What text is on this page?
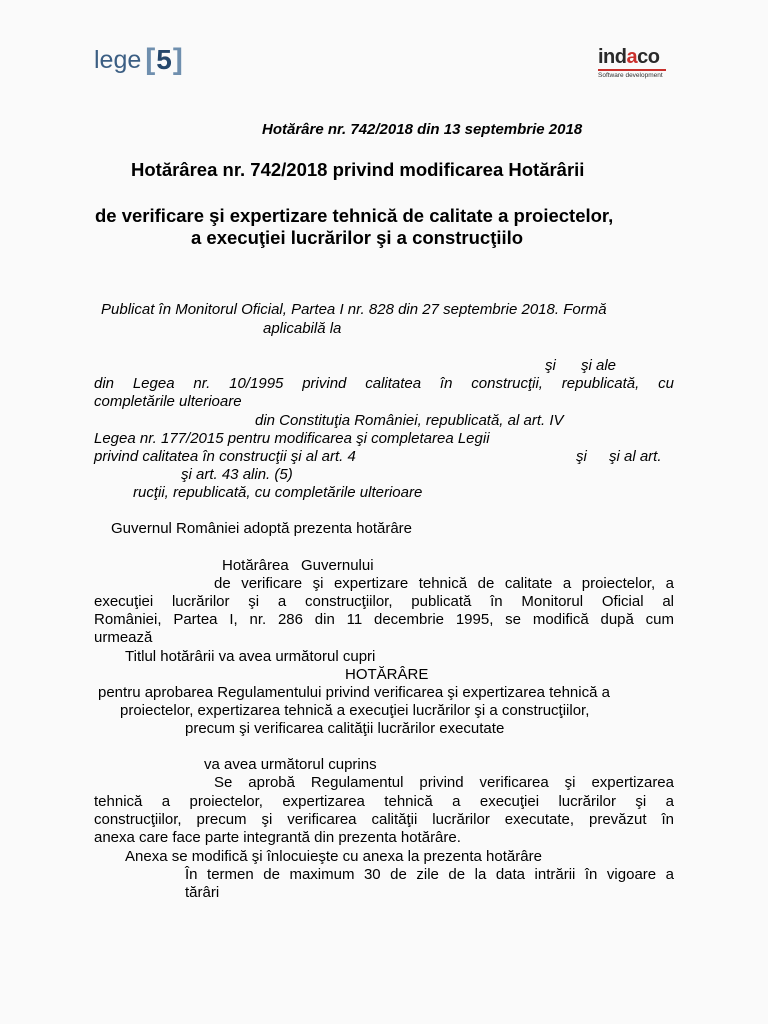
lege [ 5 ]	indaco
Software development
Hotărâre nr. 742/2018 din 13 septembrie 2018
Hotărârea nr. 742/2018 privind modificarea Hotărârii
de verificare şi expertizare tehnică de calitate a proiectelor,
a execuţiei lucrărilor şi a construcţiilo
Publicat în Monitorul Oficial, Partea I nr. 828 din 27 septembrie 2018. Formă
aplicabilă la
şi şi ale
din Legea nr. 10/1995 privind calitatea în construcţii, republicată, cu
completările ulterioare
din Constituţia României, republicată, al art. IV
Legea nr. 177/2015 pentru modificarea şi completarea Legii
privind calitatea în construcţii şi al art. 4	şi şi al art.
şi art. 43 alin. (5)
rucţii, republicată, cu completările ulterioare
Guvernul României adoptă prezenta hotărâre
Hotărârea Guvernului
de verificare şi expertizare tehnică de calitate a proiectelor, a
execuţiei lucrărilor şi a construcţiilor, publicată în Monitorul Oficial al
României, Partea I, nr. 286 din 11 decembrie 1995, se modifică după cum
urmează
Titlul hotărârii va avea următorul cupri
HOTĂRÂRE
pentru aprobarea Regulamentului privind verificarea şi expertizarea tehnică a
proiectelor, expertizarea tehnică a execuţiei lucrărilor şi a construcţiilor,
precum şi verificarea calităţii lucrărilor executate
va avea următorul cuprins
Se aprobă Regulamentul privind verificarea şi expertizarea
tehnică a proiectelor, expertizarea tehnică a execuţiei lucrărilor şi a
construcţiilor, precum şi verificarea calităţii lucrărilor executate, prevăzut în
anexa care face parte integrantă din prezenta hotărâre.
Anexa se modifică şi înlocuieşte cu anexa la prezenta hotărâre
În termen de maximum 30 de zile de la data intrării în vigoare a
tărâri
